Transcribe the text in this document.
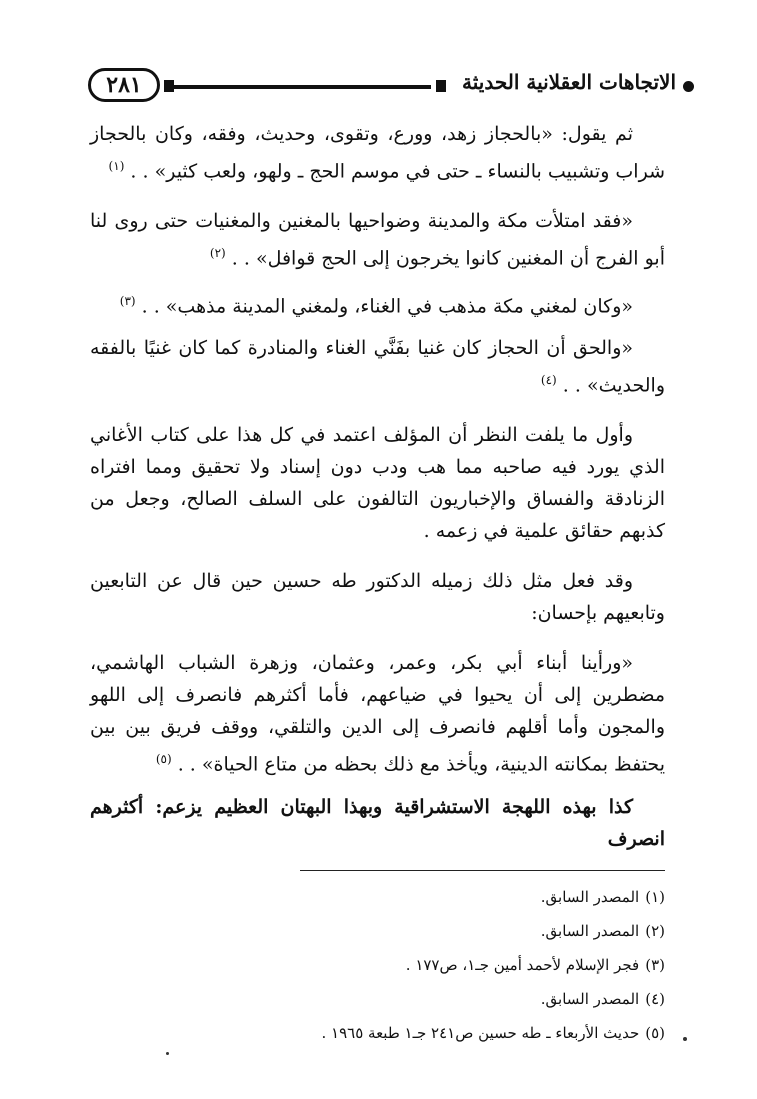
الاتجاهات العقلانية الحديثة
٢٨١

ثم يقول: «بالحجاز زهد، وورع، وتقوى، وحديث، وفقه، وكان بالحجاز شراب وتشبيب بالنساء ـ حتى في موسم الحج ـ ولهو، ولعب كثير» . . $^{(١)}$

«فقد امتلأت مكة والمدينة وضواحيها بالمغنين والمغنيات حتى روى لنا أبو الفرج أن المغنين كانوا يخرجون إلى الحج قوافل» . . $^{(٢)}$

«وكان لمغني مكة مذهب في الغناء، ولمغني المدينة مذهب» . . $^{(٣)}$

«والحق أن الحجاز كان غنيا بفَنَّي الغناء والمنادرة كما كان غنيًا بالفقه والحديث» . . $^{(٤)}$

وأول ما يلفت النظر أن المؤلف اعتمد في كل هذا على كتاب الأغاني الذي يورد فيه صاحبه مما هب ودب دون إسناد ولا تحقيق ومما افتراه الزنادقة والفساق والإخباريون التالفون على السلف الصالح، وجعل من كذبهم حقائق علمية في زعمه .

وقد فعل مثل ذلك زميله الدكتور طه حسين حين قال عن التابعين وتابعيهم بإحسان:

«ورأينا أبناء أبي بكر، وعمر، وعثمان، وزهرة الشباب الهاشمي، مضطرين إلى أن يحيوا في ضياعهم، فأما أكثرهم فانصرف إلى اللهو والمجون وأما أقلهم فانصرف إلى الدين والتلقي، ووقف فريق بين بين يحتفظ بمكانته الدينية، ويأخذ مع ذلك بحظه من متاع الحياة» . . $^{(٥)}$

كذا بهذه اللهجة الاستشراقية وبهذا البهتان العظيم يزعم: أكثرهم انصرف

(١)المصدر السابق.

(٢)المصدر السابق.

(٣)فجر الإسلام لأحمد أمين جـ١، ص١٧٧ .

(٤)المصدر السابق.

(٥)حديث الأربعاء ـ طه حسين ص٢٤١ جـ١ طبعة ١٩٦٥ .
